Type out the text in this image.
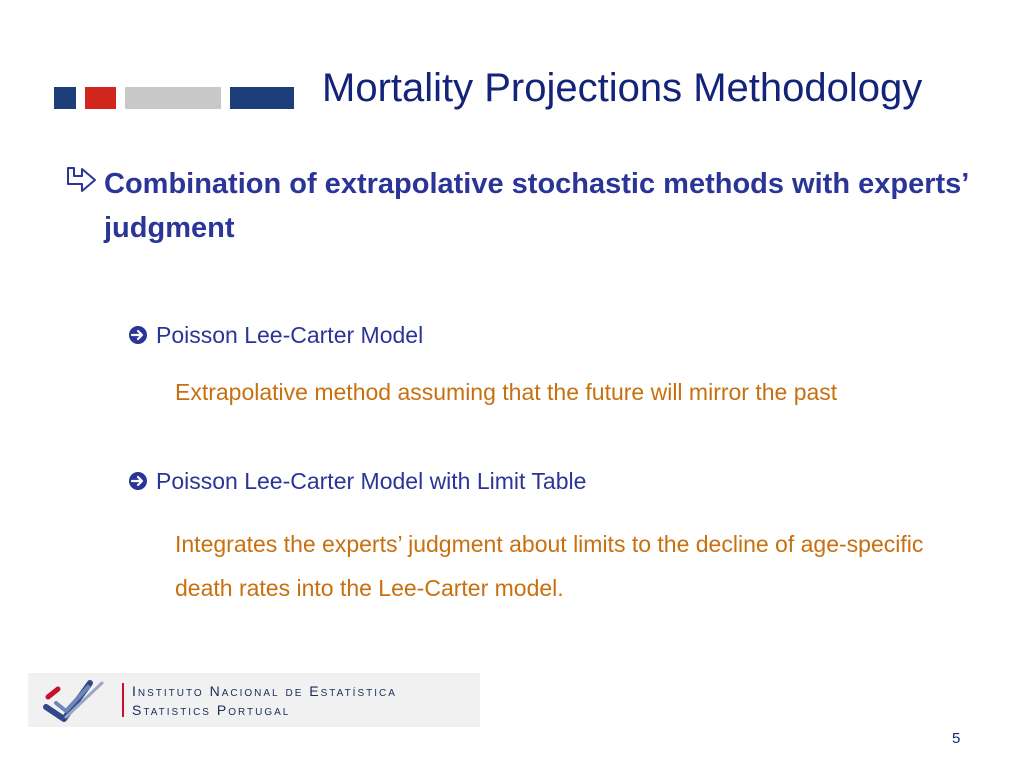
Mortality Projections Methodology
Combination of extrapolative stochastic methods with experts’ judgment
Poisson Lee-Carter Model
Extrapolative method assuming that the future will mirror the past
Poisson Lee-Carter Model with Limit Table
Integrates the experts’ judgment about limits to the decline of age-specific death rates into the Lee-Carter model.
Instituto Nacional de Estatística
Statistics Portugal
5
